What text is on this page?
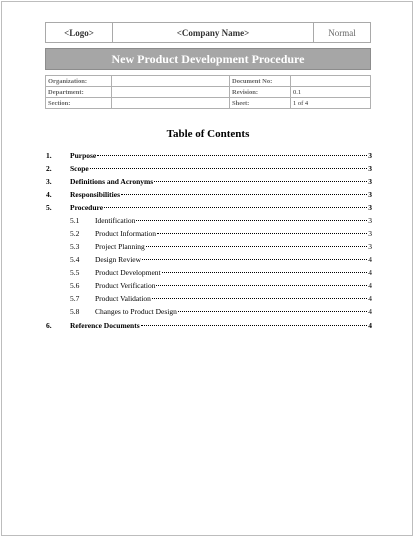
<Logo>	<Company Name>	Normal
New Product Development Procedure
Organization:		Document No:	
Department:		Revision:	0.1
Section:		Sheet:	1 of 4
Table of Contents
1. Purpose	3
2. Scope	3
3. Definitions and Acronyms	3
4. Responsibilities	3
5. Procedure	3
5.1 Identification	3
5.2 Product Information	3
5.3 Project Planning	3
5.4 Design Review	4
5.5 Product Development	4
5.6 Product Verification	4
5.7 Product Validation	4
5.8 Changes to Product Design	4
6. Reference Documents	4
